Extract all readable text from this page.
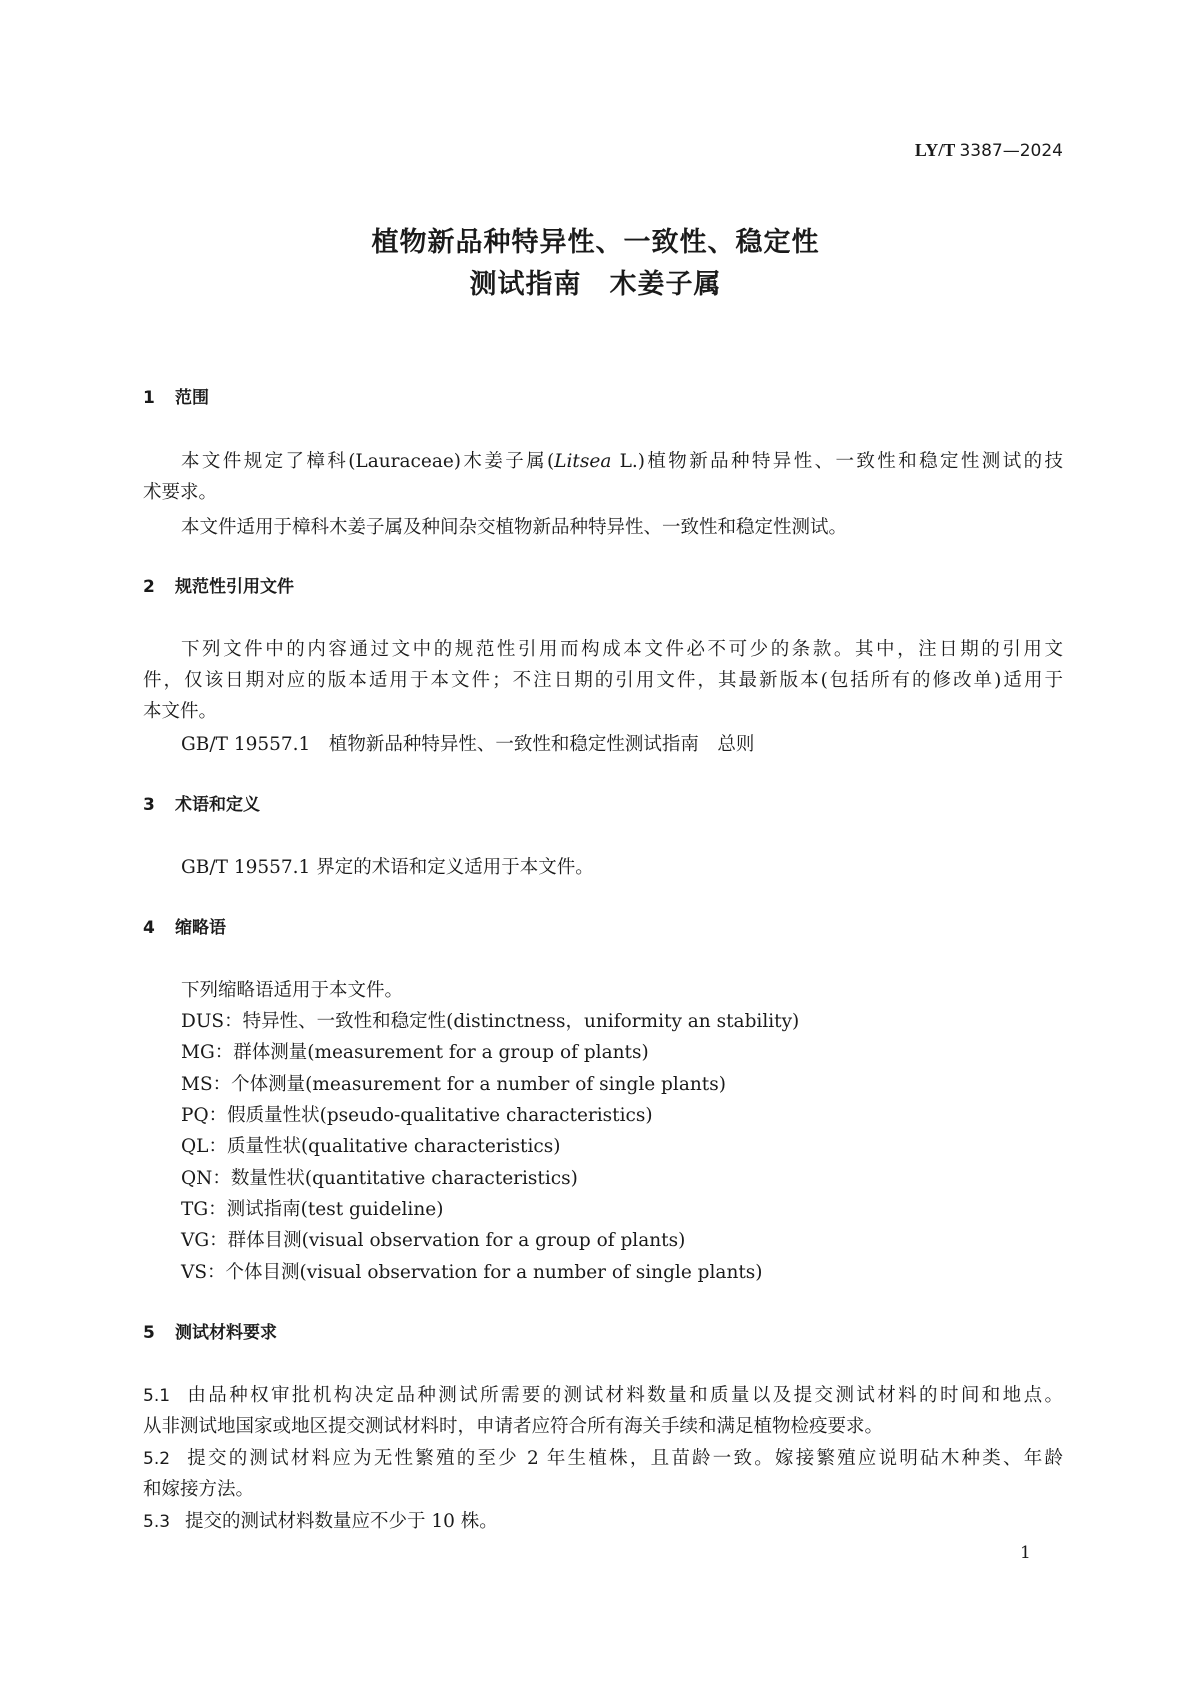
LY/T 3387—2024
植物新品种特异性、一致性、稳定性
测试指南　木姜子属
1 范围
本文件规定了樟科(Lauraceae)木姜子属(Litsea L.)植物新品种特异性、一致性和稳定性测试的技
术要求。
本文件适用于樟科木姜子属及种间杂交植物新品种特异性、一致性和稳定性测试。
2 规范性引用文件
下列文件中的内容通过文中的规范性引用而构成本文件必不可少的条款。其中，注日期的引用文
件，仅该日期对应的版本适用于本文件；不注日期的引用文件，其最新版本(包括所有的修改单)适用于
本文件。
GB/T 19557.1　植物新品种特异性、一致性和稳定性测试指南　总则
3 术语和定义
GB/T 19557.1 界定的术语和定义适用于本文件。
4 缩略语
下列缩略语适用于本文件。
DUS：特异性、一致性和稳定性(distinctness，uniformity an stability)
MG：群体测量(measurement for a group of plants)
MS：个体测量(measurement for a number of single plants)
PQ：假质量性状(pseudo-qualitative characteristics)
QL：质量性状(qualitative characteristics)
QN：数量性状(quantitative characteristics)
TG：测试指南(test guideline)
VG：群体目测(visual observation for a group of plants)
VS：个体目测(visual observation for a number of single plants)
5 测试材料要求
5.1 由品种权审批机构决定品种测试所需要的测试材料数量和质量以及提交测试材料的时间和地点。
从非测试地国家或地区提交测试材料时，申请者应符合所有海关手续和满足植物检疫要求。
5.2 提交的测试材料应为无性繁殖的至少 2 年生植株，且苗龄一致。嫁接繁殖应说明砧木种类、年龄
和嫁接方法。
5.3 提交的测试材料数量应不少于 10 株。
1
